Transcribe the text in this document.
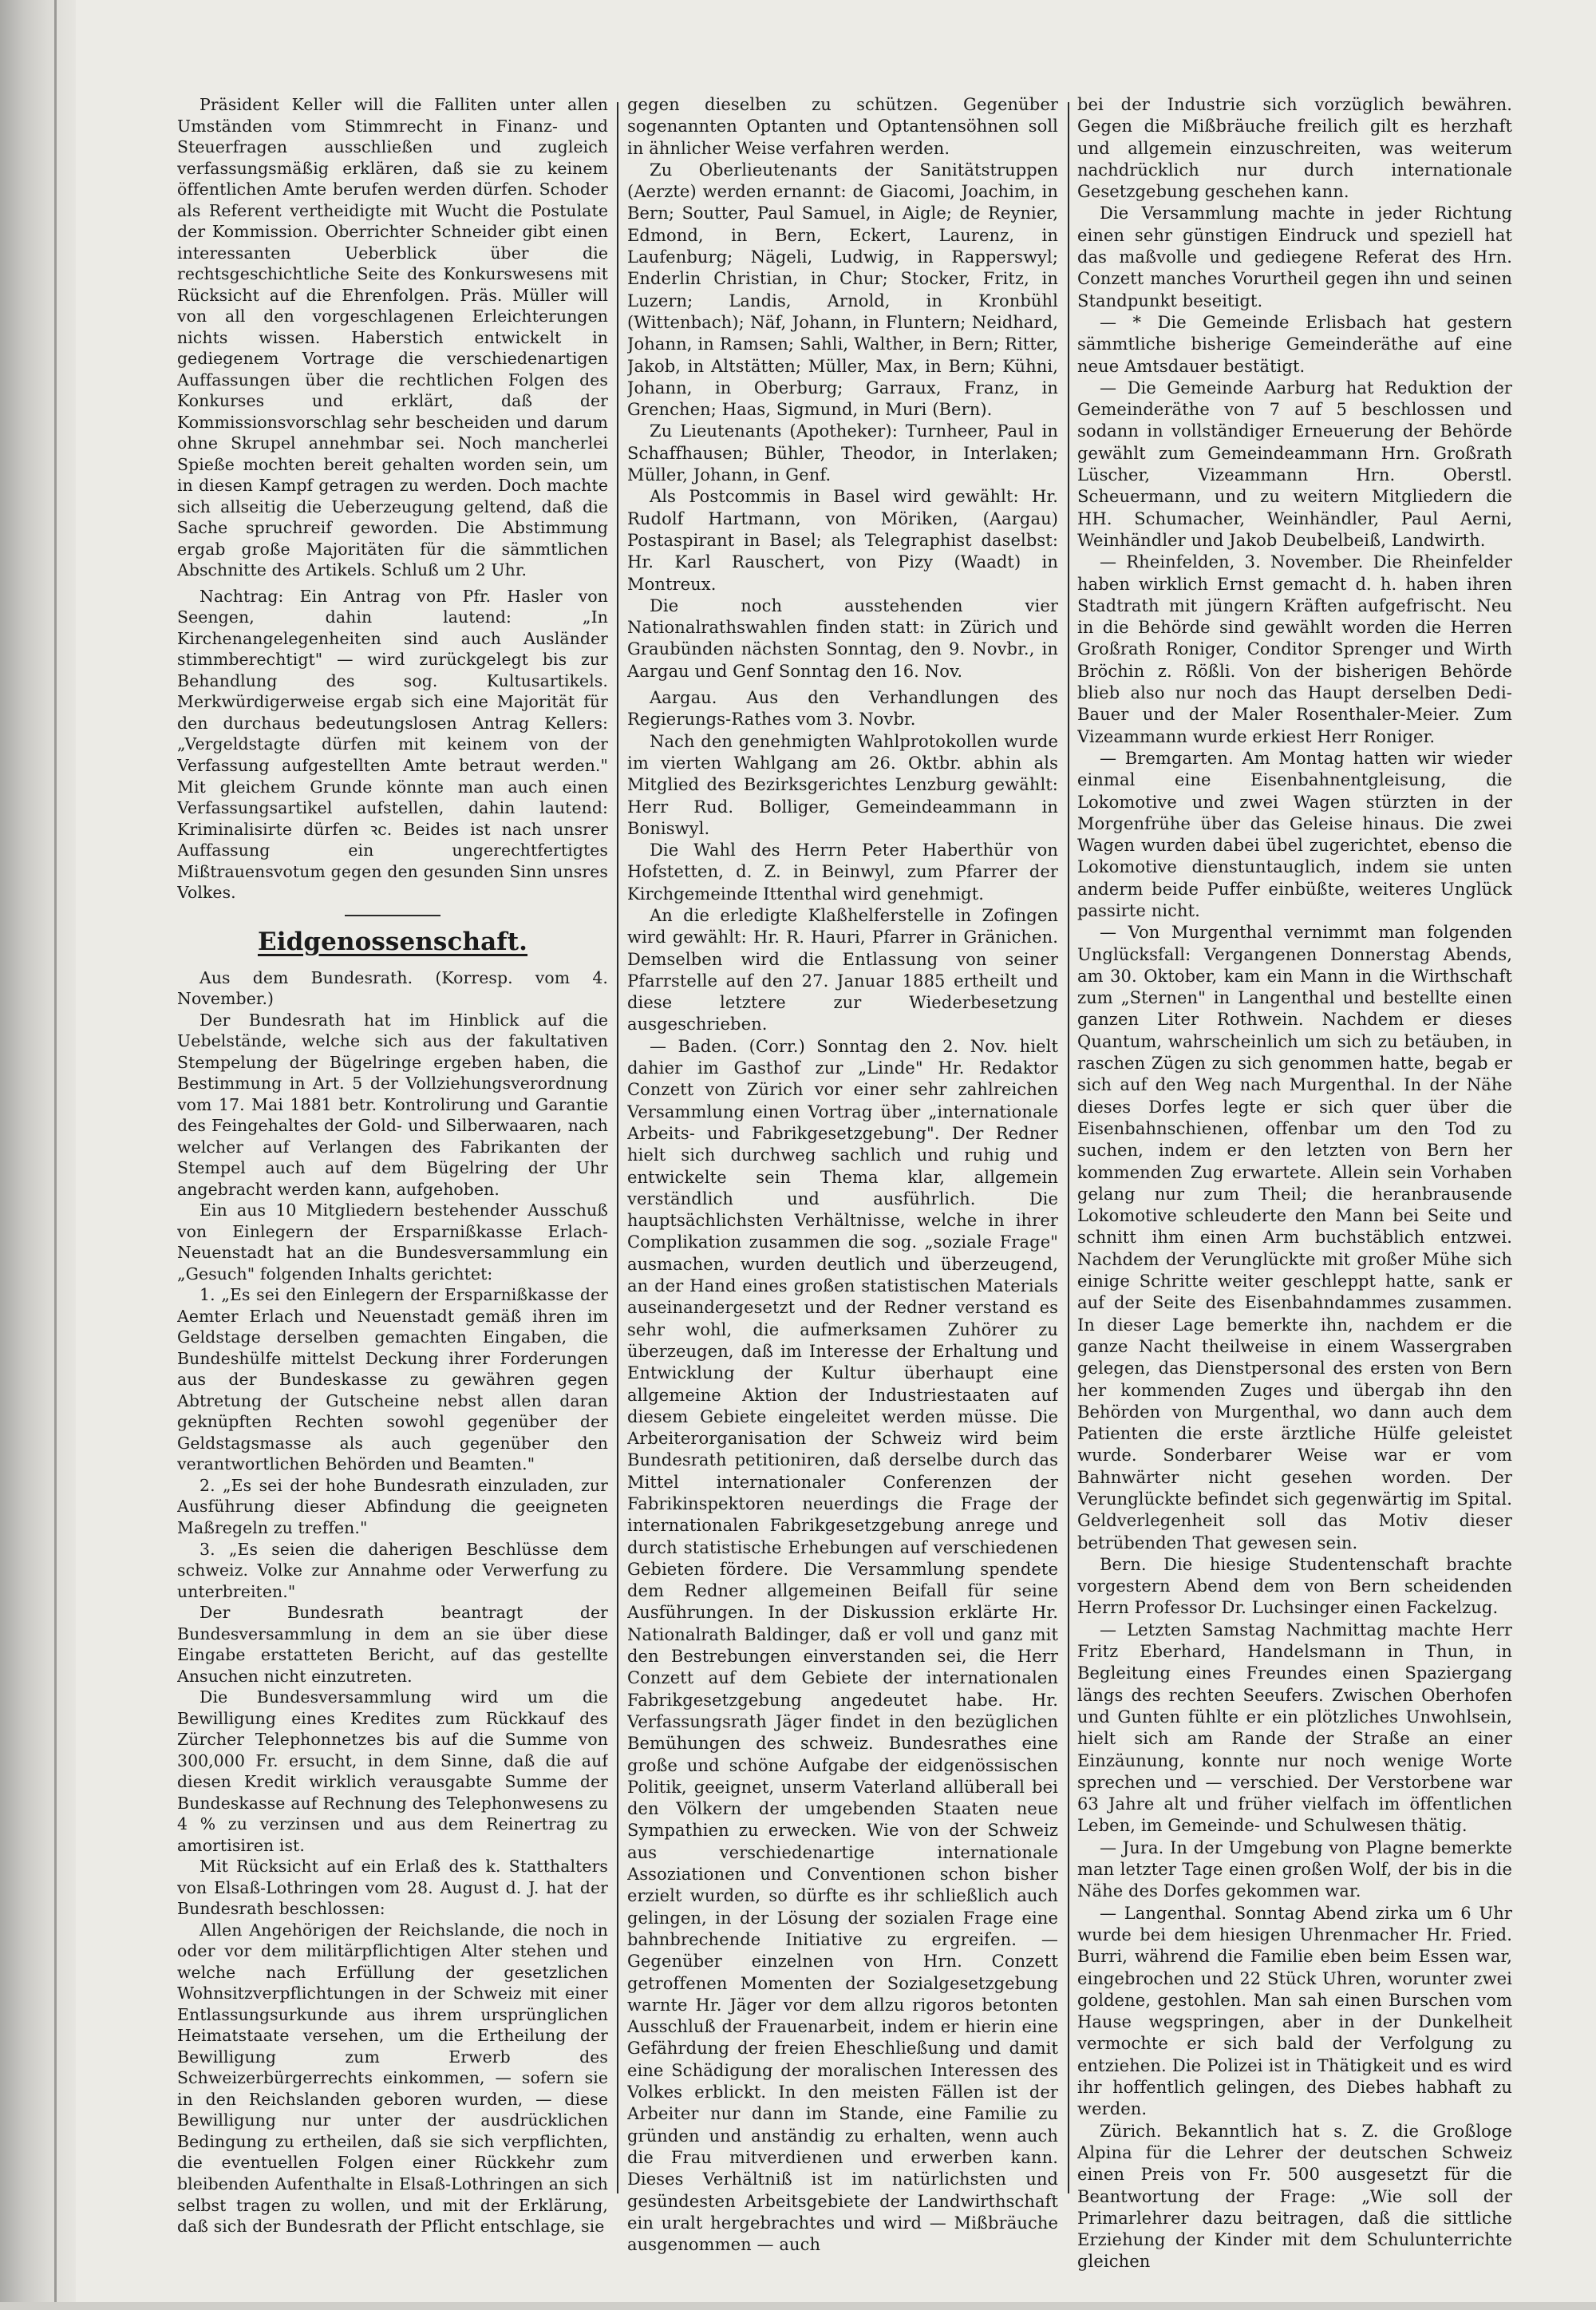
Präsident Keller will die Falliten unter allen Umständen vom Stimmrecht in Finanz- und Steuerfragen ausschließen und zugleich verfassungsmäßig erklären, daß sie zu keinem öffentlichen Amte berufen werden dürfen. Schoder als Referent vertheidigte mit Wucht die Postulate der Kommission. Oberrichter Schneider gibt einen interessanten Ueberblick über die rechtsgeschichtliche Seite des Konkurswesens mit Rücksicht auf die Ehrenfolgen. Präs. Müller will von all den vorgeschlagenen Erleichterungen nichts wissen. Haberstich entwickelt in gediegenem Vortrage die verschiedenartigen Auffassungen über die rechtlichen Folgen des Konkurses und erklärt, daß der Kommissionsvorschlag sehr bescheiden und darum ohne Skrupel annehmbar sei. Noch mancherlei Spieße mochten bereit gehalten worden sein, um in diesen Kampf getragen zu werden. Doch machte sich allseitig die Ueberzeugung geltend, daß die Sache spruchreif geworden. Die Abstimmung ergab große Majoritäten für die sämmtlichen Abschnitte des Artikels. Schluß um 2 Uhr.

Nachtrag: Ein Antrag von Pfr. Hasler von Seengen, dahin lautend: „In Kirchenangelegenheiten sind auch Ausländer stimmberechtigt" — wird zurückgelegt bis zur Behandlung des sog. Kultusartikels. Merkwürdigerweise ergab sich eine Majorität für den durchaus bedeutungslosen Antrag Kellers: „Vergeldstagte dürfen mit keinem von der Verfassung aufgestellten Amte betraut werden." Mit gleichem Grunde könnte man auch einen Verfassungsartikel aufstellen, dahin lautend: Kriminalisirte dürfen ꝛc. Beides ist nach unsrer Auffassung ein ungerechtfertigtes Mißtrauensvotum gegen den gesunden Sinn unsres Volkes.

Eidgenossenschaft.

Aus dem Bundesrath. (Korresp. vom 4. November.)

Der Bundesrath hat im Hinblick auf die Uebelstände, welche sich aus der fakultativen Stempelung der Bügelringe ergeben haben, die Bestimmung in Art. 5 der Vollziehungsverordnung vom 17. Mai 1881 betr. Kontrolirung und Garantie des Feingehaltes der Gold- und Silberwaaren, nach welcher auf Verlangen des Fabrikanten der Stempel auch auf dem Bügelring der Uhr angebracht werden kann, aufgehoben.

Ein aus 10 Mitgliedern bestehender Ausschuß von Einlegern der Ersparnißkasse Erlach-Neuenstadt hat an die Bundesversammlung ein „Gesuch" folgenden Inhalts gerichtet:

1. „Es sei den Einlegern der Ersparnißkasse der Aemter Erlach und Neuenstadt gemäß ihren im Geldstage derselben gemachten Eingaben, die Bundeshülfe mittelst Deckung ihrer Forderungen aus der Bundeskasse zu gewähren gegen Abtretung der Gutscheine nebst allen daran geknüpften Rechten sowohl gegenüber der Geldstagsmasse als auch gegenüber den verantwortlichen Behörden und Beamten."
2. „Es sei der hohe Bundesrath einzuladen, zur Ausführung dieser Abfindung die geeigneten Maßregeln zu treffen."
3. „Es seien die daherigen Beschlüsse dem schweiz. Volke zur Annahme oder Verwerfung zu unterbreiten."

Der Bundesrath beantragt der Bundesversammlung in dem an sie über diese Eingabe erstatteten Bericht, auf das gestellte Ansuchen nicht einzutreten.

Die Bundesversammlung wird um die Bewilligung eines Kredites zum Rückkauf des Zürcher Telephonnetzes bis auf die Summe von 300,000 Fr. ersucht, in dem Sinne, daß die auf diesen Kredit wirklich verausgabte Summe der Bundeskasse auf Rechnung des Telephonwesens zu 4 % zu verzinsen und aus dem Reinertrag zu amortisiren ist.

Mit Rücksicht auf ein Erlaß des k. Statthalters von Elsaß-Lothringen vom 28. August d. J. hat der Bundesrath beschlossen:

Allen Angehörigen der Reichslande, die noch in oder vor dem militärpflichtigen Alter stehen und welche nach Erfüllung der gesetzlichen Wohnsitzverpflichtungen in der Schweiz mit einer Entlassungsurkunde aus ihrem ursprünglichen Heimatstaate versehen, um die Ertheilung der Bewilligung zum Erwerb des Schweizerbürgerrechts einkommen, — sofern sie in den Reichslanden geboren wurden, — diese Bewilligung nur unter der ausdrücklichen Bedingung zu ertheilen, daß sie sich verpflichten, die eventuellen Folgen einer Rückkehr zum bleibenden Aufenthalte in Elsaß-Lothringen an sich selbst tragen zu wollen, und mit der Erklärung, daß sich der Bundesrath der Pflicht entschlage, sie

gegen dieselben zu schützen. Gegenüber sogenannten Optanten und Optantensöhnen soll in ähnlicher Weise verfahren werden.

Zu Oberlieutenants der Sanitätstruppen (Aerzte) werden ernannt: de Giacomi, Joachim, in Bern; Soutter, Paul Samuel, in Aigle; de Reynier, Edmond, in Bern, Eckert, Laurenz, in Laufenburg; Nägeli, Ludwig, in Rapperswyl; Enderlin Christian, in Chur; Stocker, Fritz, in Luzern; Landis, Arnold, in Kronbühl (Wittenbach); Näf, Johann, in Fluntern; Neidhard, Johann, in Ramsen; Sahli, Walther, in Bern; Ritter, Jakob, in Altstätten; Müller, Max, in Bern; Kühni, Johann, in Oberburg; Garraux, Franz, in Grenchen; Haas, Sigmund, in Muri (Bern).

Zu Lieutenants (Apotheker): Turnheer, Paul in Schaffhausen; Bühler, Theodor, in Interlaken; Müller, Johann, in Genf.

Als Postcommis in Basel wird gewählt: Hr. Rudolf Hartmann, von Möriken, (Aargau) Postaspirant in Basel; als Telegraphist daselbst: Hr. Karl Rauschert, von Pizy (Waadt) in Montreux.

Die noch ausstehenden vier Nationalrathswahlen finden statt: in Zürich und Graubünden nächsten Sonntag, den 9. Novbr., in Aargau und Genf Sonntag den 16. Nov.

Aargau. Aus den Verhandlungen des Regierungs-Rathes vom 3. Novbr.

Nach den genehmigten Wahlprotokollen wurde im vierten Wahlgang am 26. Oktbr. abhin als Mitglied des Bezirksgerichtes Lenzburg gewählt: Herr Rud. Bolliger, Gemeindeammann in Boniswyl.

Die Wahl des Herrn Peter Haberthür von Hofstetten, d. Z. in Beinwyl, zum Pfarrer der Kirchgemeinde Ittenthal wird genehmigt.

An die erledigte Klaßhelferstelle in Zofingen wird gewählt: Hr. R. Hauri, Pfarrer in Gränichen. Demselben wird die Entlassung von seiner Pfarrstelle auf den 27. Januar 1885 ertheilt und diese letztere zur Wiederbesetzung ausgeschrieben.

— Baden. (Corr.) Sonntag den 2. Nov. hielt dahier im Gasthof zur „Linde" Hr. Redaktor Conzett von Zürich vor einer sehr zahlreichen Versammlung einen Vortrag über „internationale Arbeits- und Fabrikgesetzgebung". Der Redner hielt sich durchweg sachlich und ruhig und entwickelte sein Thema klar, allgemein verständlich und ausführlich. Die hauptsächlichsten Verhältnisse, welche in ihrer Complikation zusammen die sog. „soziale Frage" ausmachen, wurden deutlich und überzeugend, an der Hand eines großen statistischen Materials auseinandergesetzt und der Redner verstand es sehr wohl, die aufmerksamen Zuhörer zu überzeugen, daß im Interesse der Erhaltung und Entwicklung der Kultur überhaupt eine allgemeine Aktion der Industriestaaten auf diesem Gebiete eingeleitet werden müsse. Die Arbeiterorganisation der Schweiz wird beim Bundesrath petitioniren, daß derselbe durch das Mittel internationaler Conferenzen der Fabrikinspektoren neuerdings die Frage der internationalen Fabrikgesetzgebung anrege und durch statistische Erhebungen auf verschiedenen Gebieten fördere. Die Versammlung spendete dem Redner allgemeinen Beifall für seine Ausführungen. In der Diskussion erklärte Hr. Nationalrath Baldinger, daß er voll und ganz mit den Bestrebungen einverstanden sei, die Herr Conzett auf dem Gebiete der internationalen Fabrikgesetzgebung angedeutet habe. Hr. Verfassungsrath Jäger findet in den bezüglichen Bemühungen des schweiz. Bundesrathes eine große und schöne Aufgabe der eidgenössischen Politik, geeignet, unserm Vaterland allüberall bei den Völkern der umgebenden Staaten neue Sympathien zu erwecken. Wie von der Schweiz aus verschiedenartige internationale Assoziationen und Conventionen schon bisher erzielt wurden, so dürfte es ihr schließlich auch gelingen, in der Lösung der sozialen Frage eine bahnbrechende Initiative zu ergreifen. — Gegenüber einzelnen von Hrn. Conzett getroffenen Momenten der Sozialgesetzgebung warnte Hr. Jäger vor dem allzu rigoros betonten Ausschluß der Frauenarbeit, indem er hierin eine Gefährdung der freien Eheschließung und damit eine Schädigung der moralischen Interessen des Volkes erblickt. In den meisten Fällen ist der Arbeiter nur dann im Stande, eine Familie zu gründen und anständig zu erhalten, wenn auch die Frau mitverdienen und erwerben kann. Dieses Verhältniß ist im natürlichsten und gesündesten Arbeitsgebiete der Landwirthschaft ein uralt hergebrachtes und wird — Mißbräuche ausgenommen — auch

bei der Industrie sich vorzüglich bewähren. Gegen die Mißbräuche freilich gilt es herzhaft und allgemein einzuschreiten, was weiterum nachdrücklich nur durch internationale Gesetzgebung geschehen kann.

Die Versammlung machte in jeder Richtung einen sehr günstigen Eindruck und speziell hat das maßvolle und gediegene Referat des Hrn. Conzett manches Vorurtheil gegen ihn und seinen Standpunkt beseitigt.

— * Die Gemeinde Erlisbach hat gestern sämmtliche bisherige Gemeinderäthe auf eine neue Amtsdauer bestätigt.

— Die Gemeinde Aarburg hat Reduktion der Gemeinderäthe von 7 auf 5 beschlossen und sodann in vollständiger Erneuerung der Behörde gewählt zum Gemeindeammann Hrn. Großrath Lüscher, Vizeammann Hrn. Oberstl. Scheuermann, und zu weitern Mitgliedern die HH. Schumacher, Weinhändler, Paul Aerni, Weinhändler und Jakob Deubelbeiß, Landwirth.

— Rheinfelden, 3. November. Die Rheinfelder haben wirklich Ernst gemacht d. h. haben ihren Stadtrath mit jüngern Kräften aufgefrischt. Neu in die Behörde sind gewählt worden die Herren Großrath Roniger, Conditor Sprenger und Wirth Bröchin z. Rößli. Von der bisherigen Behörde blieb also nur noch das Haupt derselben Dedi-Bauer und der Maler Rosenthaler-Meier. Zum Vizeammann wurde erkiest Herr Roniger.

— Bremgarten. Am Montag hatten wir wieder einmal eine Eisenbahnentgleisung, die Lokomotive und zwei Wagen stürzten in der Morgenfrühe über das Geleise hinaus. Die zwei Wagen wurden dabei übel zugerichtet, ebenso die Lokomotive dienstuntauglich, indem sie unten anderm beide Puffer einbüßte, weiteres Unglück passirte nicht.

— Von Murgenthal vernimmt man folgenden Unglücksfall: Vergangenen Donnerstag Abends, am 30. Oktober, kam ein Mann in die Wirthschaft zum „Sternen" in Langenthal und bestellte einen ganzen Liter Rothwein. Nachdem er dieses Quantum, wahrscheinlich um sich zu betäuben, in raschen Zügen zu sich genommen hatte, begab er sich auf den Weg nach Murgenthal. In der Nähe dieses Dorfes legte er sich quer über die Eisenbahnschienen, offenbar um den Tod zu suchen, indem er den letzten von Bern her kommenden Zug erwartete. Allein sein Vorhaben gelang nur zum Theil; die heranbrausende Lokomotive schleuderte den Mann bei Seite und schnitt ihm einen Arm buchstäblich entzwei. Nachdem der Verunglückte mit großer Mühe sich einige Schritte weiter geschleppt hatte, sank er auf der Seite des Eisenbahndammes zusammen. In dieser Lage bemerkte ihn, nachdem er die ganze Nacht theilweise in einem Wassergraben gelegen, das Dienstpersonal des ersten von Bern her kommenden Zuges und übergab ihn den Behörden von Murgenthal, wo dann auch dem Patienten die erste ärztliche Hülfe geleistet wurde. Sonderbarer Weise war er vom Bahnwärter nicht gesehen worden. Der Verunglückte befindet sich gegenwärtig im Spital. Geldverlegenheit soll das Motiv dieser betrübenden That gewesen sein.

Bern. Die hiesige Studentenschaft brachte vorgestern Abend dem von Bern scheidenden Herrn Professor Dr. Luchsinger einen Fackelzug.

— Letzten Samstag Nachmittag machte Herr Fritz Eberhard, Handelsmann in Thun, in Begleitung eines Freundes einen Spaziergang längs des rechten Seeufers. Zwischen Oberhofen und Gunten fühlte er ein plötzliches Unwohlsein, hielt sich am Rande der Straße an einer Einzäunung, konnte nur noch wenige Worte sprechen und — verschied. Der Verstorbene war 63 Jahre alt und früher vielfach im öffentlichen Leben, im Gemeinde- und Schulwesen thätig.

— Jura. In der Umgebung von Plagne bemerkte man letzter Tage einen großen Wolf, der bis in die Nähe des Dorfes gekommen war.

— Langenthal. Sonntag Abend zirka um 6 Uhr wurde bei dem hiesigen Uhrenmacher Hr. Fried. Burri, während die Familie eben beim Essen war, eingebrochen und 22 Stück Uhren, worunter zwei goldene, gestohlen. Man sah einen Burschen vom Hause wegspringen, aber in der Dunkelheit vermochte er sich bald der Verfolgung zu entziehen. Die Polizei ist in Thätigkeit und es wird ihr hoffentlich gelingen, des Diebes habhaft zu werden.

Zürich. Bekanntlich hat s. Z. die Großloge Alpina für die Lehrer der deutschen Schweiz einen Preis von Fr. 500 ausgesetzt für die Beantwortung der Frage: „Wie soll der Primarlehrer dazu beitragen, daß die sittliche Erziehung der Kinder mit dem Schulunterrichte gleichen
